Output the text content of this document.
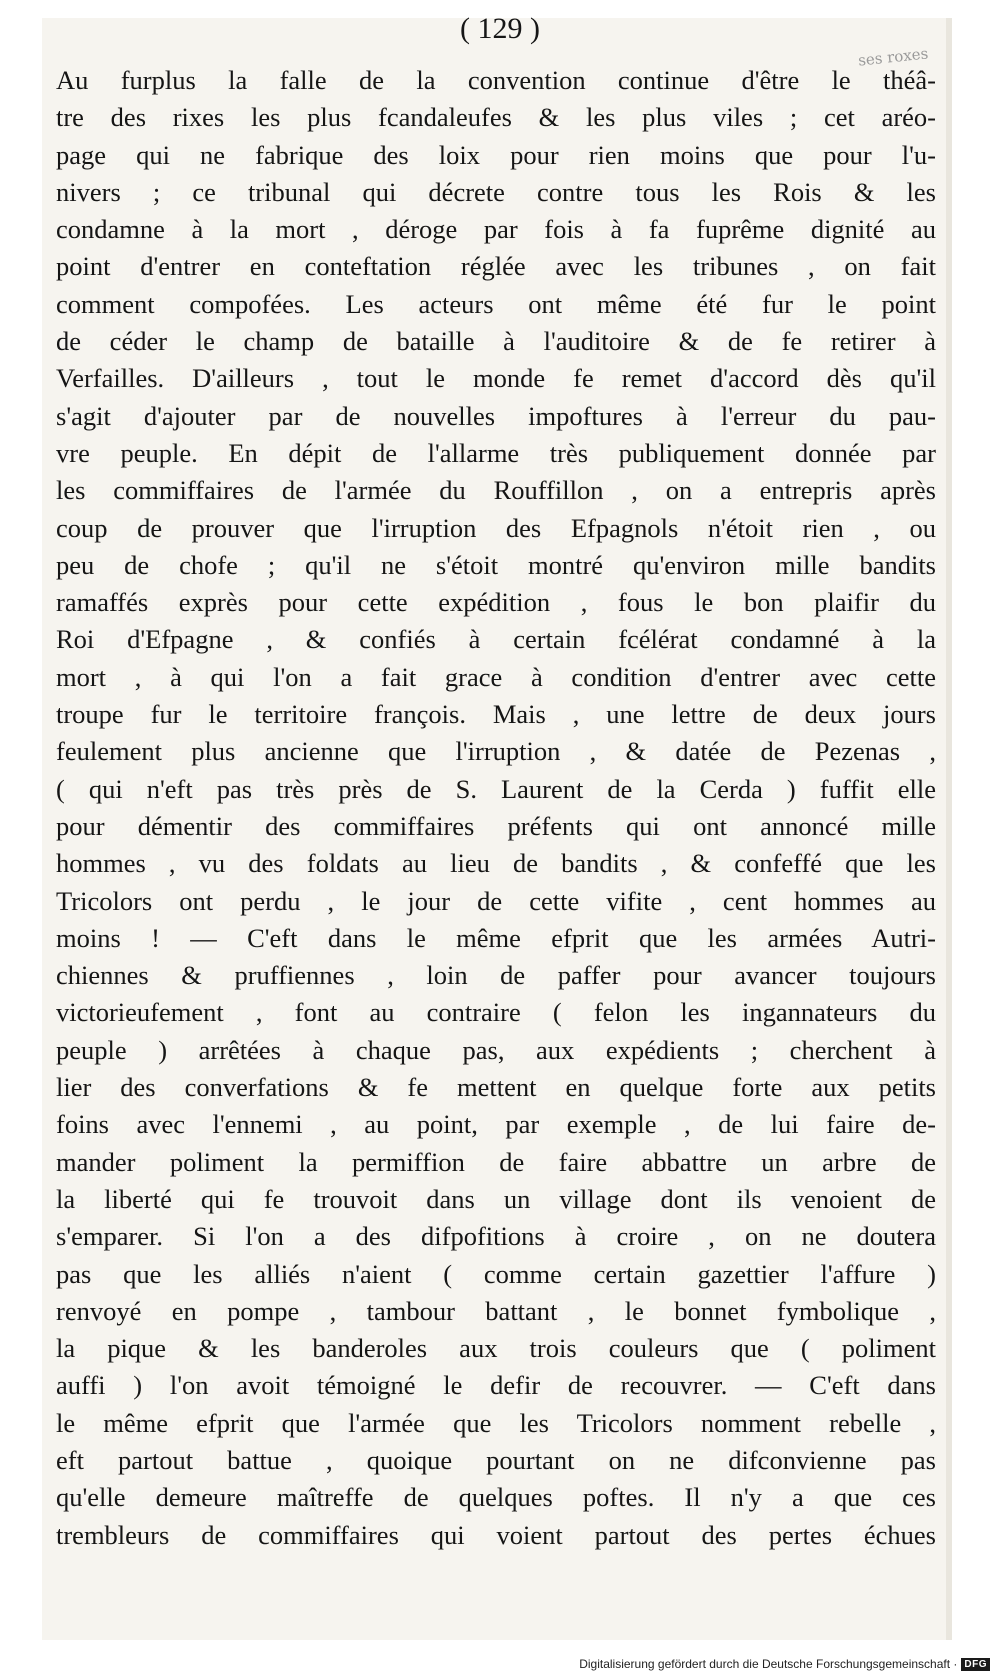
( 129 )
ses roxes
Au furplus la falle de la convention continue d'être le théâ-
tre des rixes les plus fcandaleufes & les plus viles ; cet aréo-
page qui ne fabrique des loix pour rien moins que pour l'u-
nivers ; ce tribunal qui décrete contre tous les Rois & les
condamne à la mort , déroge par fois à fa fuprême dignité au
point d'entrer en conteftation réglée avec les tribunes , on fait
comment compofées. Les acteurs ont même été fur le point
de céder le champ de bataille à l'auditoire & de fe retirer à
Verfailles. D'ailleurs , tout le monde fe remet d'accord dès qu'il
s'agit d'ajouter par de nouvelles impoftures à l'erreur du pau-
vre peuple. En dépit de l'allarme très publiquement donnée par
les commiffaires de l'armée du Rouffillon , on a entrepris après
coup de prouver que l'irruption des Efpagnols n'étoit rien , ou
peu de chofe ; qu'il ne s'étoit montré qu'environ mille bandits
ramaffés exprès pour cette expédition , fous le bon plaifir du
Roi d'Efpagne , & confiés à certain fcélérat condamné à la
mort , à qui l'on a fait grace à condition d'entrer avec cette
troupe fur le territoire françois. Mais , une lettre de deux jours
feulement plus ancienne que l'irruption , & datée de Pezenas ,
( qui n'eft pas très près de S. Laurent de la Cerda ) fuffit elle
pour démentir des commiffaires préfents qui ont annoncé mille
hommes , vu des foldats au lieu de bandits , & confeffé que les
Tricolors ont perdu , le jour de cette vifite , cent hommes au
moins ! — C'eft dans le même efprit que les armées Autri-
chiennes & pruffiennes , loin de paffer pour avancer toujours
victorieufement , font au contraire ( felon les ingannateurs du
peuple ) arrêtées à chaque pas, aux expédients ; cherchent à
lier des converfations & fe mettent en quelque forte aux petits
foins avec l'ennemi , au point, par exemple , de lui faire de-
mander poliment la permiffion de faire abbattre un arbre de
la liberté qui fe trouvoit dans un village dont ils venoient de
s'emparer. Si l'on a des difpofitions à croire , on ne doutera
pas que les alliés n'aient ( comme certain gazettier l'affure )
renvoyé en pompe , tambour battant , le bonnet fymbolique ,
la pique & les banderoles aux trois couleurs que ( poliment
auffi ) l'on avoit témoigné le defir de recouvrer. — C'eft dans
le même efprit que l'armée que les Tricolors nomment rebelle ,
eft partout battue , quoique pourtant on ne difconvienne pas
qu'elle demeure maîtreffe de quelques poftes. Il n'y a que ces
trembleurs de commiffaires qui voient partout des pertes échues
Digitalisierung gefördert durch die Deutsche Forschungsgemeinschaft · DFG
